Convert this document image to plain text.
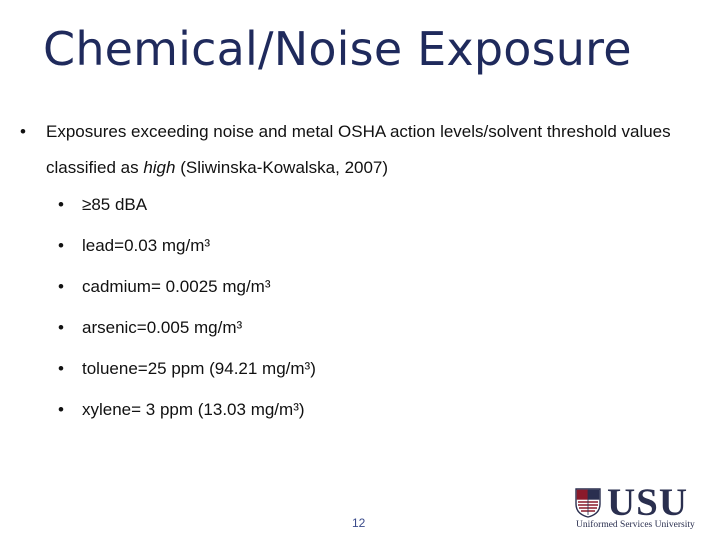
Chemical/Noise Exposure
• Exposures exceeding noise and metal OSHA action levels/solvent threshold values classified as high (Sliwinska-Kowalska, 2007)
• ≥85 dBA
• lead=0.03 mg/m³
• cadmium= 0.0025 mg/m³
• arsenic=0.005 mg/m³
• toluene=25 ppm (94.21 mg/m³)
• xylene= 3 ppm (13.03 mg/m³)
12	USU
Uniformed Services University
